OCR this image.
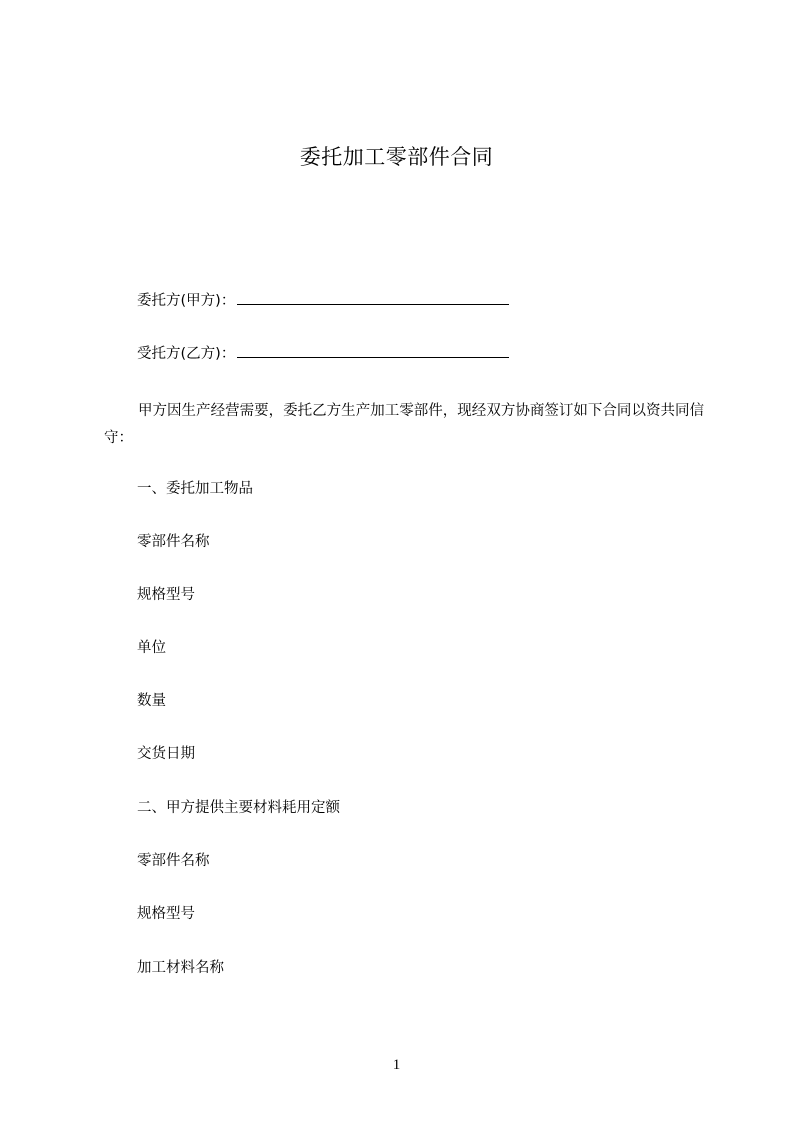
委托加工零部件合同
委托方(甲方)：
受托方(乙方)：
甲方因生产经营需要，委托乙方生产加工零部件，现经双方协商签订如下合同以资共同信守：
一、委托加工物品
零部件名称
规格型号
单位
数量
交货日期
二、甲方提供主要材料耗用定额
零部件名称
规格型号
加工材料名称
1
